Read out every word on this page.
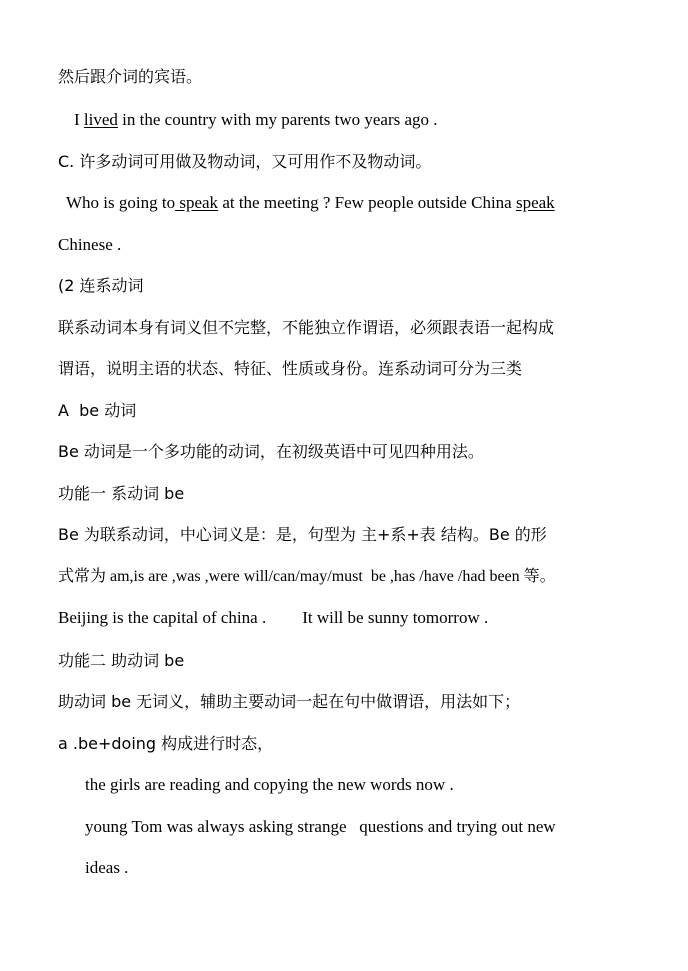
然后跟介词的宾语。
I lived in the country with my parents two years ago .
C. 许多动词可用做及物动词，又可用作不及物动词。
Who is going to speak at the meeting ? Few people outside China speak
Chinese .
(2 连系动词
联系动词本身有词义但不完整，不能独立作谓语，必须跟表语一起构成
谓语，说明主语的状态、特征、性质或身份。连系动词可分为三类
A  be 动词
Be 动词是一个多功能的动词，在初级英语中可见四种用法。
功能一 系动词 be
Be 为联系动词，中心词义是：是，句型为 主+系+表 结构。Be 的形
式常为 am,is are ,was ,were will/can/may/must  be ,has /have /had been 等。
Beijing is the capital of china . It will be sunny tomorrow .
功能二 助动词 be
助动词 be 无词义，辅助主要动词一起在句中做谓语，用法如下；
a .be+doing 构成进行时态，
the girls are reading and copying the new words now .
young Tom was always asking strange   questions and trying out new
ideas .
